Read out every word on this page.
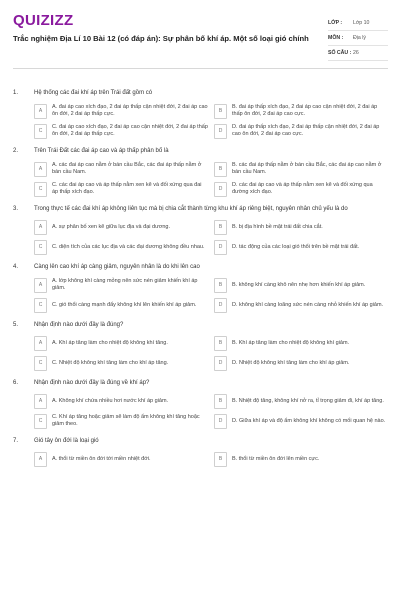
QUIZIZZ
Trắc nghiệm Địa Lí 10 Bài 12 (có đáp án): Sự phân bố khí áp. Một số loại gió chính
LỚP :	Lớp 10
MÔN :	Địa lý
SỐ CÂU : 26
1.	Hệ thống các đai khí áp trên Trái đất gồm có
A
A. đai áp cao xích đạo, 2 đai áp thấp cận nhiệt đới, 2 đai áp cao ôn đới, 2 đai áp thấp cực.
B
B. đai áp thấp xích đạo, 2 đai áp cao cận nhiệt đới, 2 đai áp thấp ôn đới, 2 đai áp cao cực.
C
C. đai áp cao xích đạo, 2 đai áp cao cận nhiệt đới, 2 đai áp thấp ôn đới, 2 đai áp thấp cực.
D
D. đai áp thấp xích đạo, 2 đai áp thấp cận nhiệt đới, 2 đai áp cao ôn đới, 2 đai áp cao cực.
2.	Trên Trái Đất các đai áp cao và áp thấp phân bố là
A
A. các đai áp cao nằm ở bán cầu Bắc, các đai áp thấp nằm ở bán cầu Nam.
B
B. các đai áp thấp nằm ở bán cầu Bắc, các đai áp cao nằm ở bán cầu Nam.
C
C. các đai áp cao và áp thấp nằm xen kẽ và đối xứng qua đai áp thấp xích đạo.
D
D. các đai áp cao và áp thấp nằm xen kẽ và đối xứng qua đường xích đạo.
3.	Trong thực tế các đai khí áp không liên tục mà bị chia cắt thành từng khu khí áp riêng biệt, nguyên nhân chủ yếu là do
A	A. sự phân bố xen kẽ giữa lục địa và đại dương.	B	B. bị địa hình bề mặt trái đất chia cắt.
C	C. diện tích của các lục địa và các đại dương không đều nhau.	D	D. tác động của các loại gió thổi trên bề mặt trái đất.
4.	Càng lên cao khí áp càng giảm, nguyên nhân là do khi lên cao
A
A. lớp không khí càng mỏng nên sức nén giảm khiến khí áp giảm.
B	B. không khí càng khô nên nhẹ hơn khiến khí áp giảm.
C	C. gió thổi càng mạnh đẩy không khí lên khiến khí áp giảm.	D	D. không khí càng loãng sức nén càng nhỏ khiến khí áp giảm.
5.	Nhận định nào dưới đây là đúng?
A	A. Khí áp tăng làm cho nhiệt độ không khí tăng.	B	B. Khí áp tăng làm cho nhiệt độ không khí giảm.
C	C. Nhiệt độ không khí tăng làm cho khí áp tăng.	D	D. Nhiệt độ không khí tăng làm cho khí áp giảm.
6.	Nhận định nào dưới đây là đúng về khí áp?
A	A. Không khí chứa nhiều hơi nước khí áp giảm.	B	B. Nhiệt độ tăng, không khí nở ra, tỉ trọng giảm đi, khí áp tăng.
C
C. Khí áp tăng hoặc giảm sẽ làm độ ẩm không khí tăng hoặc giảm theo.
D	D. Giữa khí áp và độ ẩm không khí không có mối quan hệ nào.
7.	Gió tây ôn đới là loại gió
A	A. thổi từ miền ôn đới tới miền nhiệt đới.	B	B. thổi từ miền ôn đới lên miền cực.
